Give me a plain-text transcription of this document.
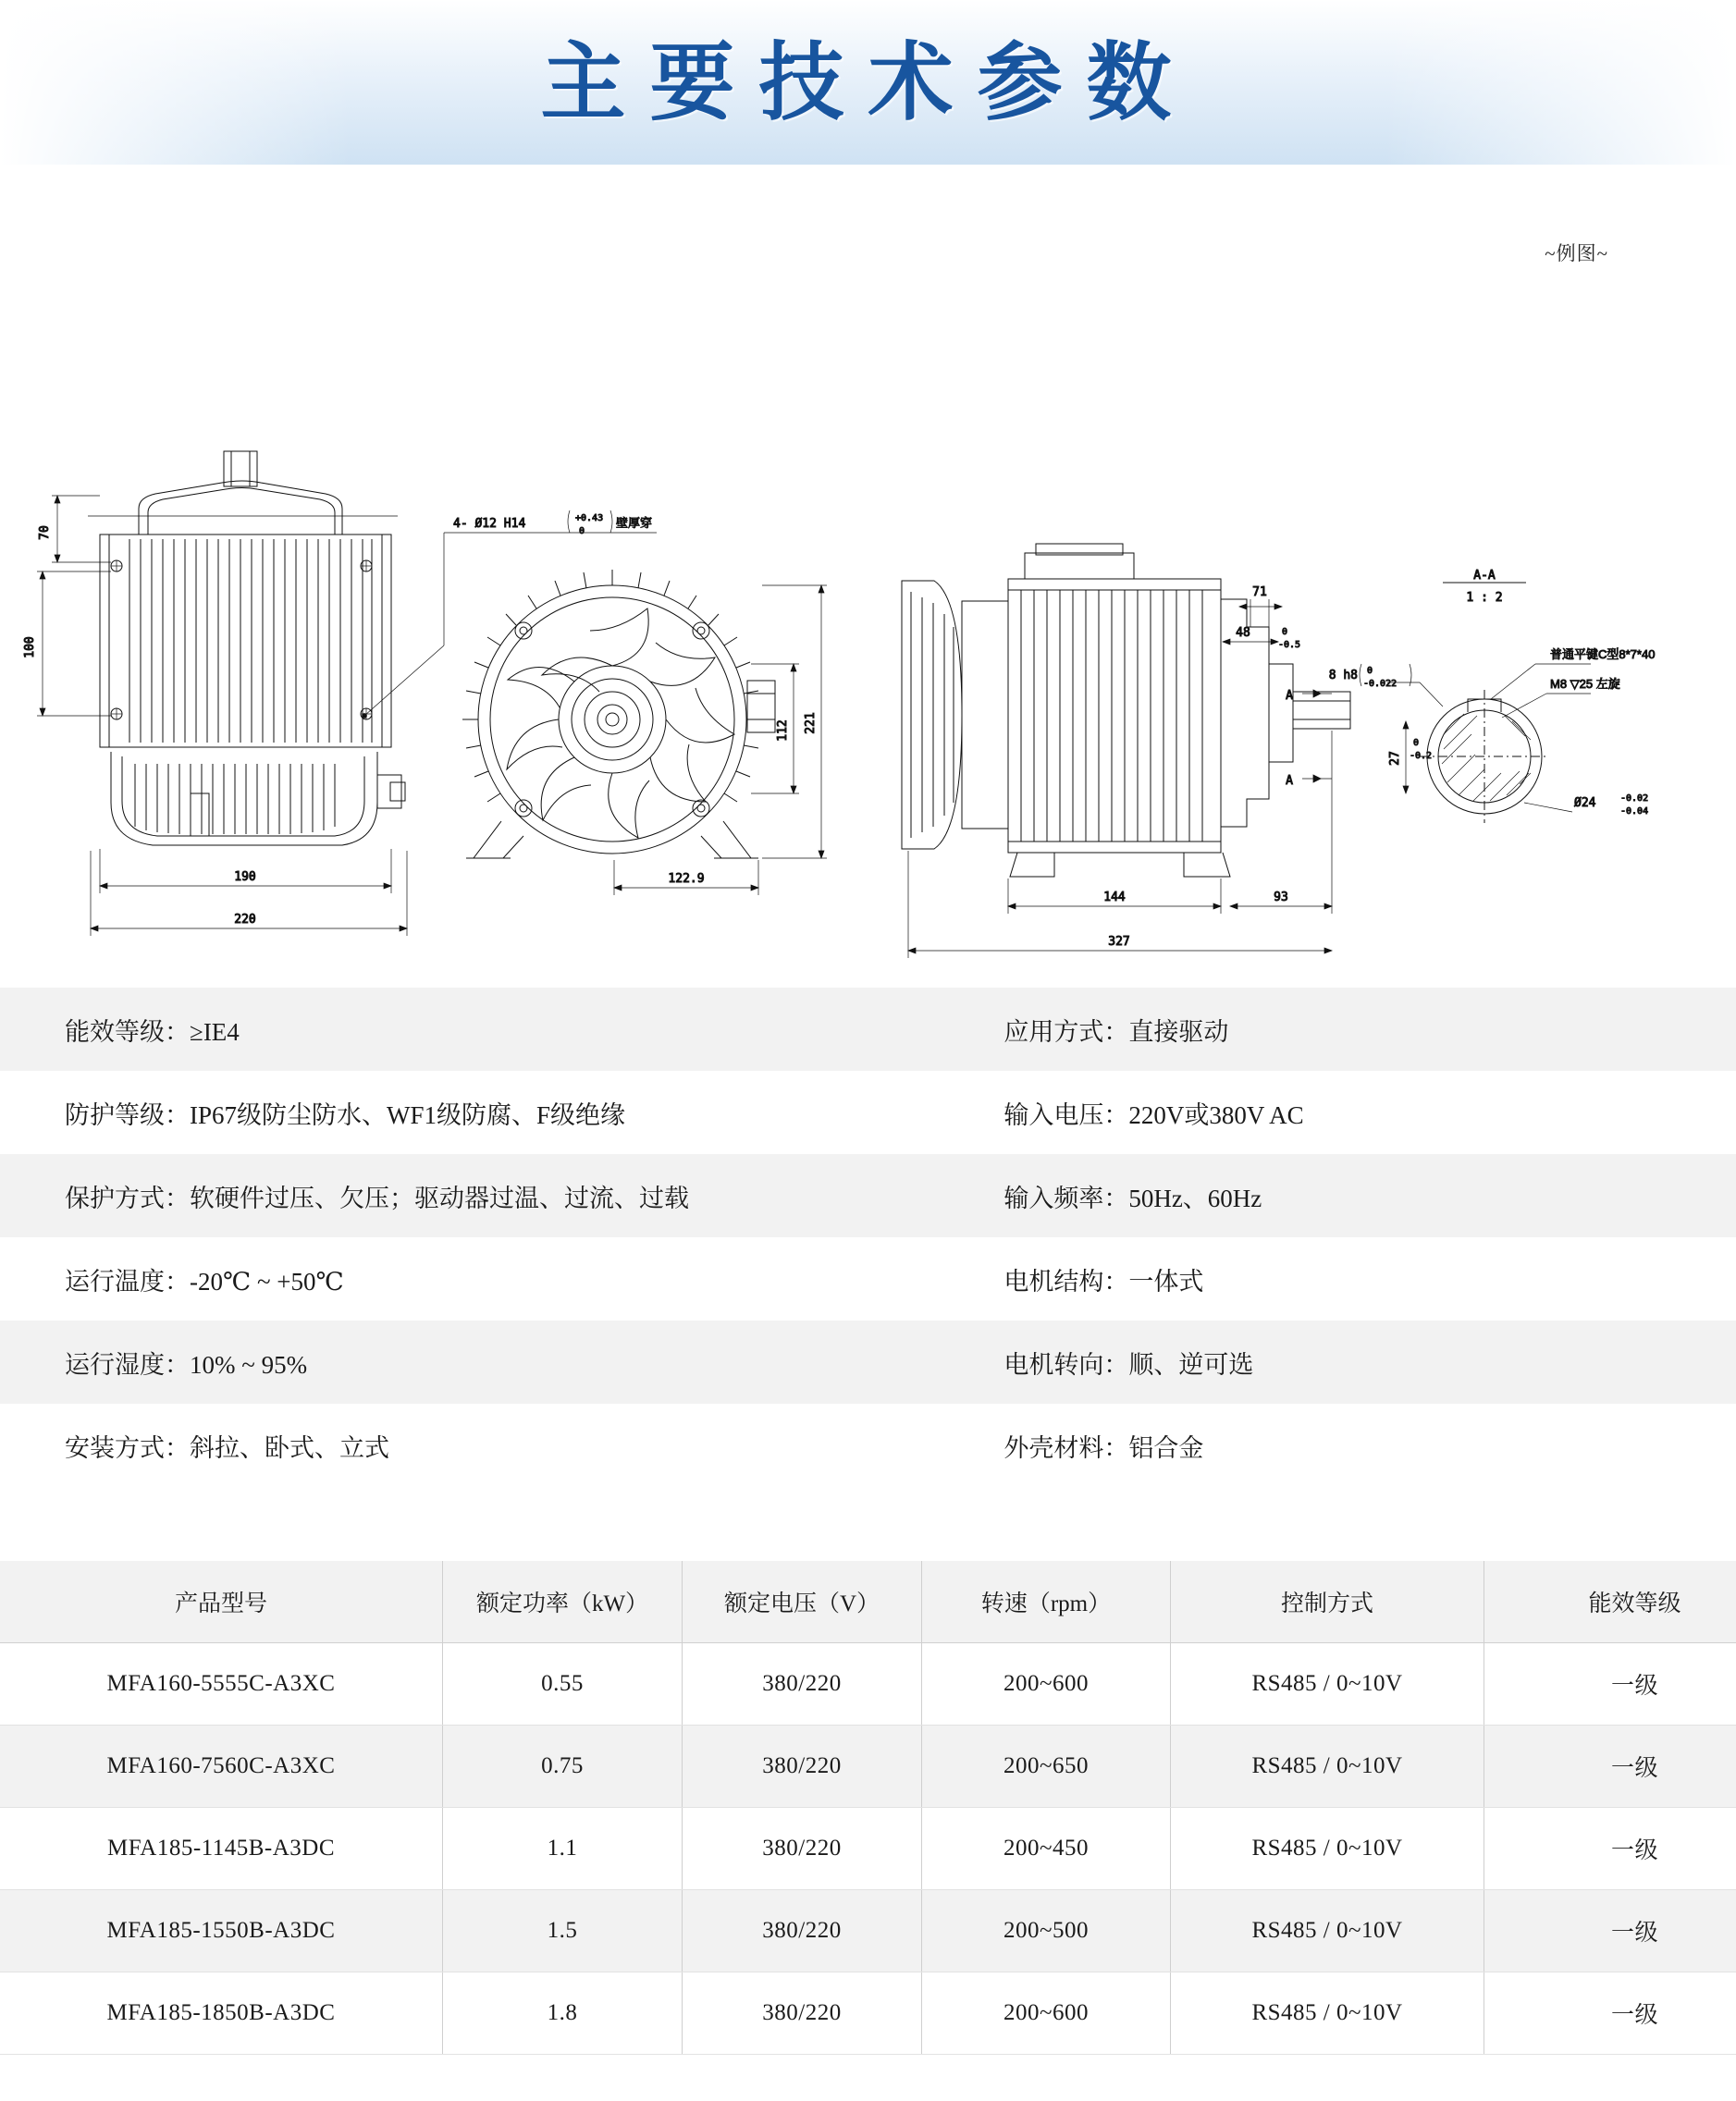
主要技术参数
~例图~
70
100
190
220
4- Ø12 H14	+0.43
0
壁厚穿
221
112
122.9
71
48	0
-0.5
144	93
327
A
A
A-A
1 : 2
普通平键C型8*7*40
M8 ▽25 左旋
8 h8 0
-0.022
Ø24	-0.02
-0.04
27
0
-0.2
能效等级：≥IE4	应用方式：直接驱动
防护等级：IP67级防尘防水、WF1级防腐、F级绝缘	输入电压：220V或380V AC
保护方式：软硬件过压、欠压；驱动器过温、过流、过载	输入频率：50Hz、60Hz
运行温度：-20℃ ~ +50℃	电机结构：一体式
运行湿度：10% ~ 95%	电机转向：顺、逆可选
安装方式：斜拉、卧式、立式	外壳材料：铝合金
产品型号	额定功率（kW）	额定电压（V）	转速（rpm）	控制方式	能效等级
MFA160-5555C-A3XC	0.55	380/220	200~600	RS485 / 0~10V	一级
MFA160-7560C-A3XC	0.75	380/220	200~650	RS485 / 0~10V	一级
MFA185-1145B-A3DC	1.1	380/220	200~450	RS485 / 0~10V	一级
MFA185-1550B-A3DC	1.5	380/220	200~500	RS485 / 0~10V	一级
MFA185-1850B-A3DC	1.8	380/220	200~600	RS485 / 0~10V	一级
